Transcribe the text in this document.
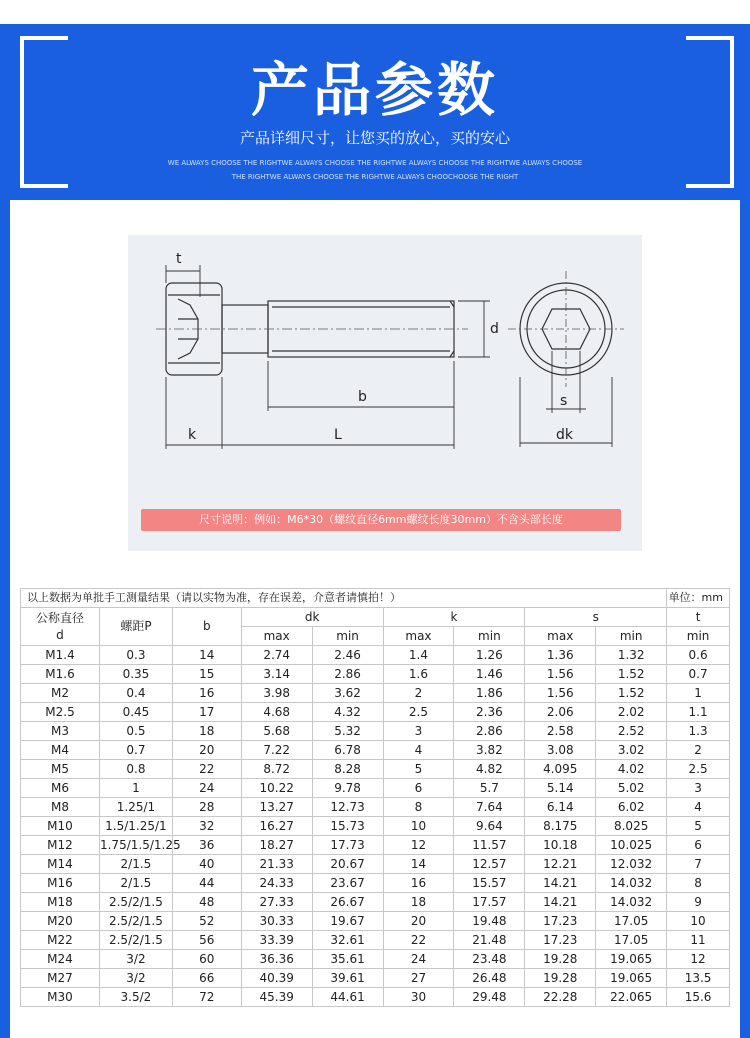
产品参数
产品详细尺寸，让您买的放心，买的安心
WE ALWAYS CHOOSE THE RIGHTWE ALWAYS CHOOSE THE RIGHTWE ALWAYS CHOOSE THE RIGHTWE ALWAYS CHOOSE
THE RIGHTWE ALWAYS CHOOSE THE RIGHTWE ALWAYS CHOOCHOOSE THE RIGHT
t
d
b
k	L
s
dk
尺寸说明：例如：M6*30（螺纹直径6mm螺纹长度30mm）不含头部长度
以上数据为单批手工测量结果（请以实物为准，存在误差，介意者请慎拍！）									单位：mm

公称直径
d	螺距P	b	dk		k		s		t
			max	min	max	min	max	min	min
M1.4	0.3	14	2.74	2.46	1.4	1.26	1.36	1.32	0.6
M1.6	0.35	15	3.14	2.86	1.6	1.46	1.56	1.52	0.7
M2	0.4	16	3.98	3.62	2	1.86	1.56	1.52	1
M2.5	0.45	17	4.68	4.32	2.5	2.36	2.06	2.02	1.1
M3	0.5	18	5.68	5.32	3	2.86	2.58	2.52	1.3
M4	0.7	20	7.22	6.78	4	3.82	3.08	3.02	2
M5	0.8	22	8.72	8.28	5	4.82	4.095	4.02	2.5
M6	1	24	10.22	9.78	6	5.7	5.14	5.02	3
M8	1.25/1	28	13.27	12.73	8	7.64	6.14	6.02	4
M10	1.5/1.25/1	32	16.27	15.73	10	9.64	8.175	8.025	5
M12	1.75/1.5/1.25	36	18.27	17.73	12	11.57	10.18	10.025	6
M14	2/1.5	40	21.33	20.67	14	12.57	12.21	12.032	7
M16	2/1.5	44	24.33	23.67	16	15.57	14.21	14.032	8
M18	2.5/2/1.5	48	27.33	26.67	18	17.57	14.21	14.032	9
M20	2.5/2/1.5	52	30.33	19.67	20	19.48	17.23	17.05	10
M22	2.5/2/1.5	56	33.39	32.61	22	21.48	17.23	17.05	11
M24	3/2	60	36.36	35.61	24	23.48	19.28	19.065	12
M27	3/2	66	40.39	39.61	27	26.48	19.28	19.065	13.5
M30	3.5/2	72	45.39	44.61	30	29.48	22.28	22.065	15.6
